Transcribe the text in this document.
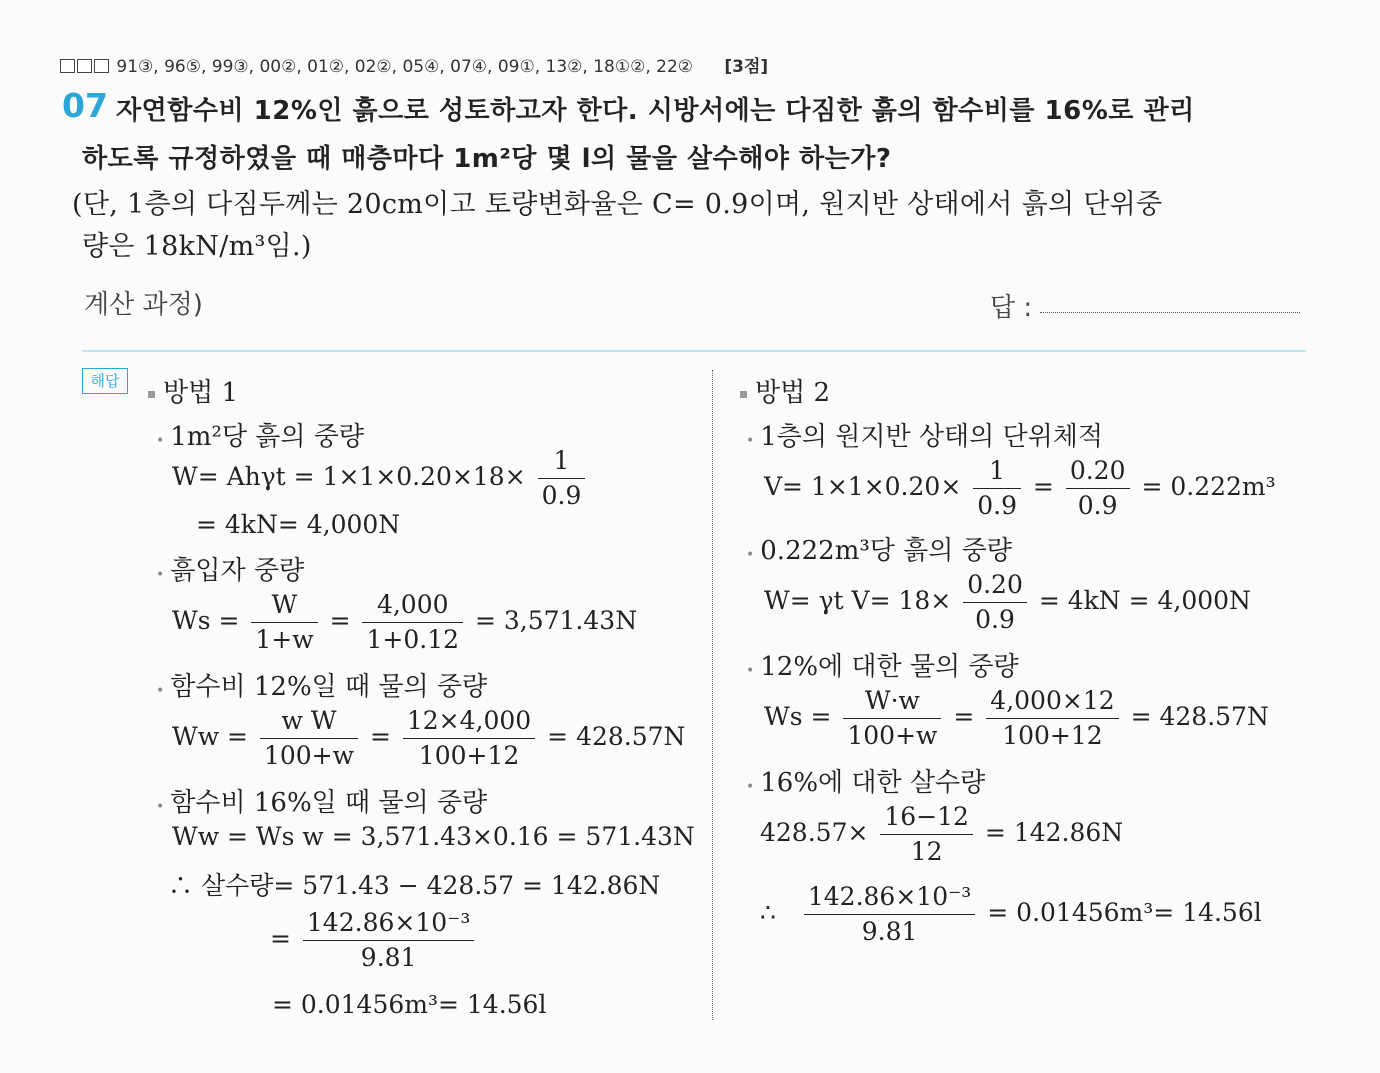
91③, 96⑤, 99③, 00②, 01②, 02②, 05④, 07④, 09①, 13②, 18①②, 22② [3점]
07 자연함수비 12%인 흙으로 성토하고자 한다. 시방서에는 다짐한 흙의 함수비를 16%로 관리
하도록 규정하였을 때 매층마다 1m²당 몇 l의 물을 살수해야 하는가?
(단, 1층의 다짐두께는 20cm이고 토량변화율은 C= 0.9이며, 원지반 상태에서 흙의 단위중
량은 18kN/m³임.)
계산 과정)	답 :
해답	방법 1
• 1m²당 흙의 중량
$W= Ah\gamma t = 1\times 1\times 0.20\times 18\times \frac{1}{0.9}$
= 4kN= 4,000N
• 흙입자 중량
$Ws = \frac{W}{1+w} = \frac{4,000}{1+0.12} = 3,571.43N$
• 함수비 12%일 때 물의 중량
$Ww = \frac{\text{w W}}{100+w} = \frac{12\times 4,000}{100+12} = 428.57N$
• 함수비 16%일 때 물의 중량
Ww = Ws w = 3,571.43×0.16 = 571.43N
∴ 살수량= 571.43 − 428.57 = 142.86N
= $\frac{\text{142.86×10⁻³}}{9.81}$
= 0.01456m³= 14.56l
방법 2
• 1층의 원지반 상태의 단위체적
$V= 1\times 1\times 0.20\times \frac{1}{0.9} = \frac{0.20}{0.9} = 0.222m^3$
• 0.222m³당 흙의 중량
W= γt $V= 18\times \frac{0.20}{0.9} = 4kN = 4,000N$
• 12%에 대한 물의 중량
$Ws = \frac{W\cdot w}{100+w} = \frac{4,000\times 12}{100+12} = 428.57N$
• 16%에 대한 살수량
$428.57\times \frac{16-12}{12} = 142.86N$
∴ $\frac{\text{142.86×10⁻³}}{9.81} = 0.01456m^3= 14.56l$
